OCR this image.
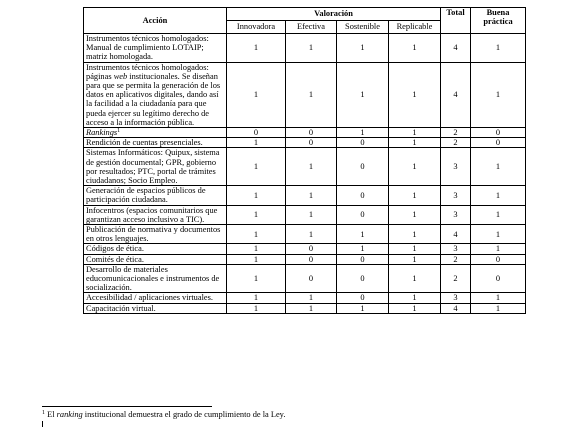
Acción	Valoración				Total	Buena práctica
	Innovadora	Efectiva	Sostenible	Replicable		
Instrumentos técnicos homologados: Manual de cumplimiento LOTAIP; matriz homologada.	1	1	1	1	4	1
Instrumentos técnicos homologados: páginas web institucionales. Se diseñan para que se permita la generación de los datos en aplicativos digitales, dando así la facilidad a la ciudadanía para que pueda ejercer su legítimo derecho de acceso a la información pública.	1	1	1	1	4	1
Rankings$^1$	0	0	1	1	2	0
Rendición de cuentas presenciales.	1	0	0	1	2	0
Sistemas Informáticos: Quipux, sistema de gestión documental; GPR, gobierno por resultados; PTC, portal de trámites ciudadanos; Socio Empleo.	1	1	0	1	3	1
Generación de espacios públicos de participación ciudadana.	1	1	0	1	3	1
Infocentros (espacios comunitarios que garantizan acceso inclusivo a TIC).	1	1	0	1	3	1
Publicación de normativa y documentos en otros lenguajes.	1	1	1	1	4	1
Códigos de ética.	1	0	1	1	3	1
Comités de ética.	1	0	0	1	2	0
Desarrollo de materiales educomunicacionales e instrumentos de socialización.	1	0	0	1	2	0
Accesibilidad / aplicaciones virtuales.	1	1	0	1	3	1
Capacitación virtual.	1	1	1	1	4	1
$^1$ El ranking institucional demuestra el grado de cumplimiento de la Ley.
